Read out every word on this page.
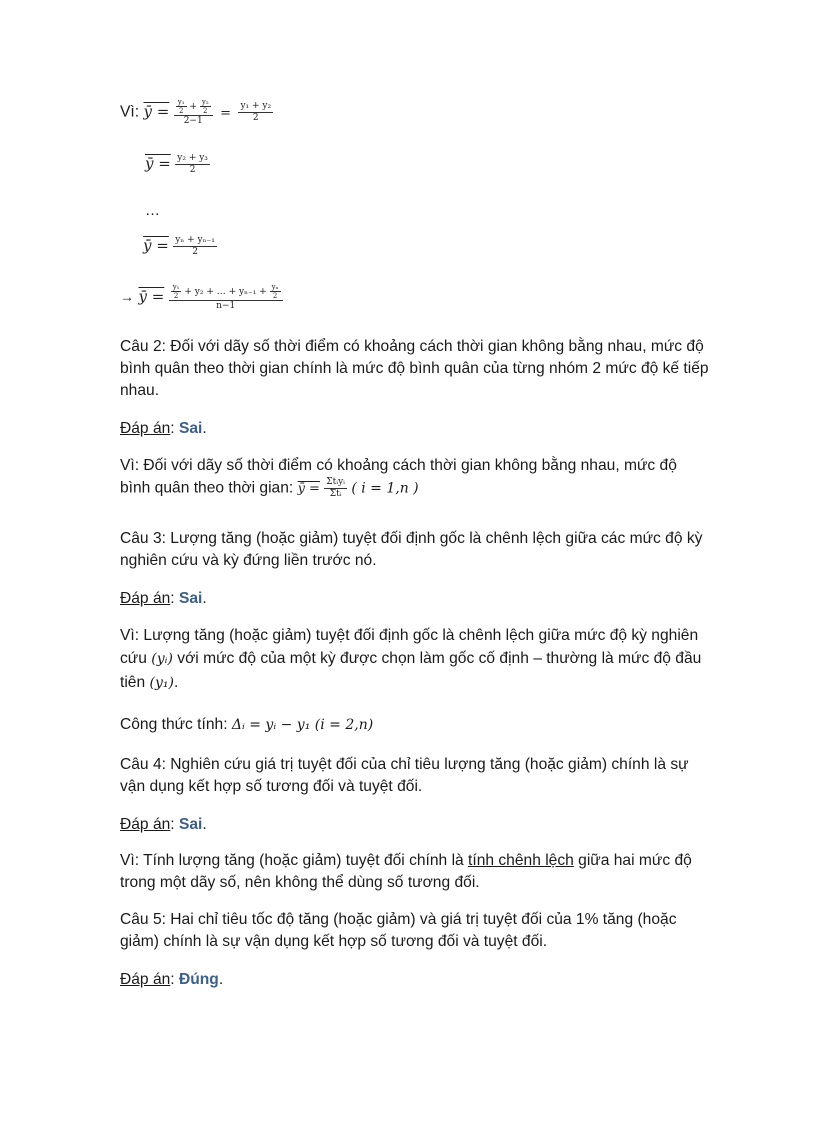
Vì: ȳ = $\frac{\frac{\text{y₁}}{2} + \frac{\text{y₂}}{2}}{2-1} = \frac{\text{y₁ + y₂}}{2}$
ȳ = $\frac{\text{y₂ + y₃}}{2}$
…
ȳ = $\frac{\text{yₙ + yₙ₋₁}}{2}$
→ ȳ = $\frac{\frac{\text{y₁}}{2} + y_2 + \dots + y_{n-1} + \frac{\text{yₙ}}{2}}{n-1}$
Câu 2: Đối với dãy số thời điểm có khoảng cách thời gian không bằng nhau, mức độ bình quân theo thời gian chính là mức độ bình quân của từng nhóm 2 mức độ kế tiếp nhau.
Đáp án: Sai.
Vì: Đối với dãy số thời điểm có khoảng cách thời gian không bằng nhau, mức độ bình quân theo thời gian: ȳ = $\frac{\text{Σtᵢyᵢ}}{\text{Σtᵢ}}$ ( i = 1,n )
Câu 3: Lượng tăng (hoặc giảm) tuyệt đối định gốc là chênh lệch giữa các mức độ kỳ nghiên cứu và kỳ đứng liền trước nó.
Đáp án: Sai.
Vì: Lượng tăng (hoặc giảm) tuyệt đối định gốc là chênh lệch giữa mức độ kỳ nghiên cứu (yᵢ) với mức độ của một kỳ được chọn làm gốc cố định – thường là mức độ đầu tiên (y₁).
Công thức tính: Δᵢ = yᵢ − y₁ (i = 2,n)
Câu 4: Nghiên cứu giá trị tuyệt đối của chỉ tiêu lượng tăng (hoặc giảm) chính là sự vận dụng kết hợp số tương đối và tuyệt đối.
Đáp án: Sai.
Vì: Tính lượng tăng (hoặc giảm) tuyệt đối chính là tính chênh lệch giữa hai mức độ trong một dãy số, nên không thể dùng số tương đối.
Câu 5: Hai chỉ tiêu tốc độ tăng (hoặc giảm) và giá trị tuyệt đối của 1% tăng (hoặc giảm) chính là sự vận dụng kết hợp số tương đối và tuyệt đối.
Đáp án: Đúng.
